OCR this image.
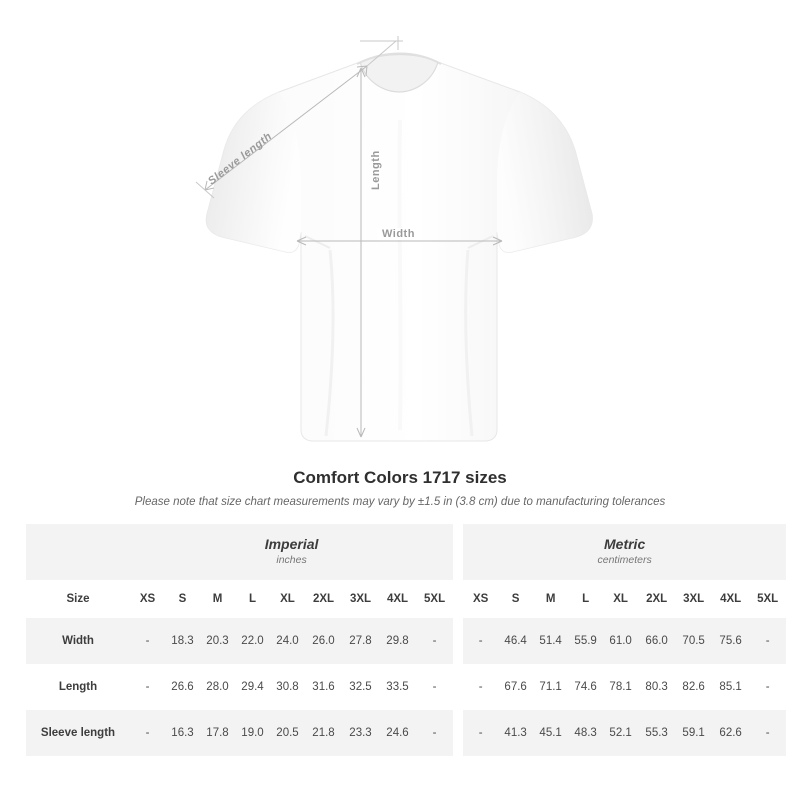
Sleeve length	Length
Width
Comfort Colors 1717 sizes

Please note that size chart measurements may vary by ±1.5 in (3.8 cm) due to manufacturing tolerances

Imperial
inches

Metric
centimeters

Size	XS	S	M	L	XL	2XL	3XL	4XL	5XL		XS	S	M	L	XL	2XL	3XL	4XL	5XL
Width	-	18.3	20.3	22.0	24.0	26.0	27.8	29.8	-		-	46.4	51.4	55.9	61.0	66.0	70.5	75.6	-
Length	-	26.6	28.0	29.4	30.8	31.6	32.5	33.5	-		-	67.6	71.1	74.6	78.1	80.3	82.6	85.1	-
Sleeve length	-	16.3	17.8	19.0	20.5	21.8	23.3	24.6	-		-	41.3	45.1	48.3	52.1	55.3	59.1	62.6	-
